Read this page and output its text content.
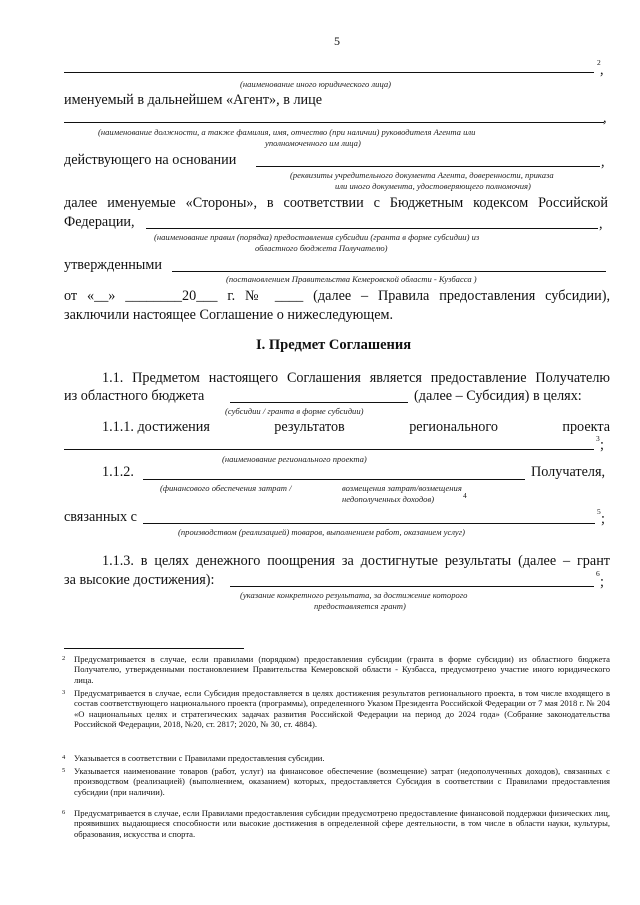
5
2 ,
(наименование иного юридического лица)
именуемый в дальнейшем «Агент», в лице
,
(наименование должности, а также фамилия, имя, отчество (при наличии) руководителя Агента или
уполномоченного им лица)
действующего на основании	,
(реквизиты учредительного документа Агента, доверенности, приказа
или иного документа, удостоверяющего полномочия)
далее именуемые «Стороны», в соответствии с Бюджетным кодексом Российской
Федерации,	,
(наименование правил (порядка) предоставления субсидии (гранта в форме субсидии) из
областного бюджета Получателю)
утвержденными
(постановлением Правительства Кемеровской области - Кузбасса )
от «__» ________20___ г. № ____ (далее – Правила предоставления субсидии),
заключили настоящее Соглашение о нижеследующем.
I. Предмет Соглашения
1.1. Предметом настоящего Соглашения является предоставление Получателю
из областного бюджета	(далее – Субсидия) в целях:
(субсидии / гранта в форме субсидии)
1.1.1. достижения	результатов	регионального	проекта
3 ;
(наименование регионального проекта)
1.1.2.	Получателя,
(финансового обеспечения затрат /	возмещения затрат/возмещения
недополученных доходов)	4
связанных с	5 ;
(производством (реализацией) товаров, выполнением работ, оказанием услуг)
1.1.3. в целях денежного поощрения за достигнутые результаты (далее – грант
за высокие достижения):	6
;
(указание конкретного результата, за достижение которого
предоставляется грант)
2	Предусматривается в случае, если правилами (порядком) предоставления субсидии (гранта в форме субсидии) из областного бюджета Получателю, утвержденными постановлением Правительства Кемеровской области - Кузбасса, предусмотрено участие иного юридического лица.
3	Предусматривается в случае, если Субсидия предоставляется в целях достижения результатов регионального проекта, в том числе входящего в состав соответствующего национального проекта (программы), определенного Указом Президента Российской Федерации от 7 мая 2018 г. № 204 «О национальных целях и стратегических задачах развития Российской Федерации на период до 2024 года» (Собрание законодательства Российской Федерации, 2018, №20, ст. 2817; 2020, № 30, ст. 4884).
4	Указывается в соответствии с Правилами предоставления субсидии.
5	Указывается наименование товаров (работ, услуг) на финансовое обеспечение (возмещение) затрат (недополученных доходов), связанных с производством (реализацией) (выполнением, оказанием) которых, предоставляется Субсидия в соответствии с Правилами предоставления субсидии (при наличии).
6	Предусматривается в случае, если Правилами предоставления субсидии предусмотрено предоставление финансовой поддержки физических лиц, проявивших выдающиеся способности или высокие достижения в определенной сфере деятельности, в том числе в области науки, культуры, образования, искусства и спорта.
